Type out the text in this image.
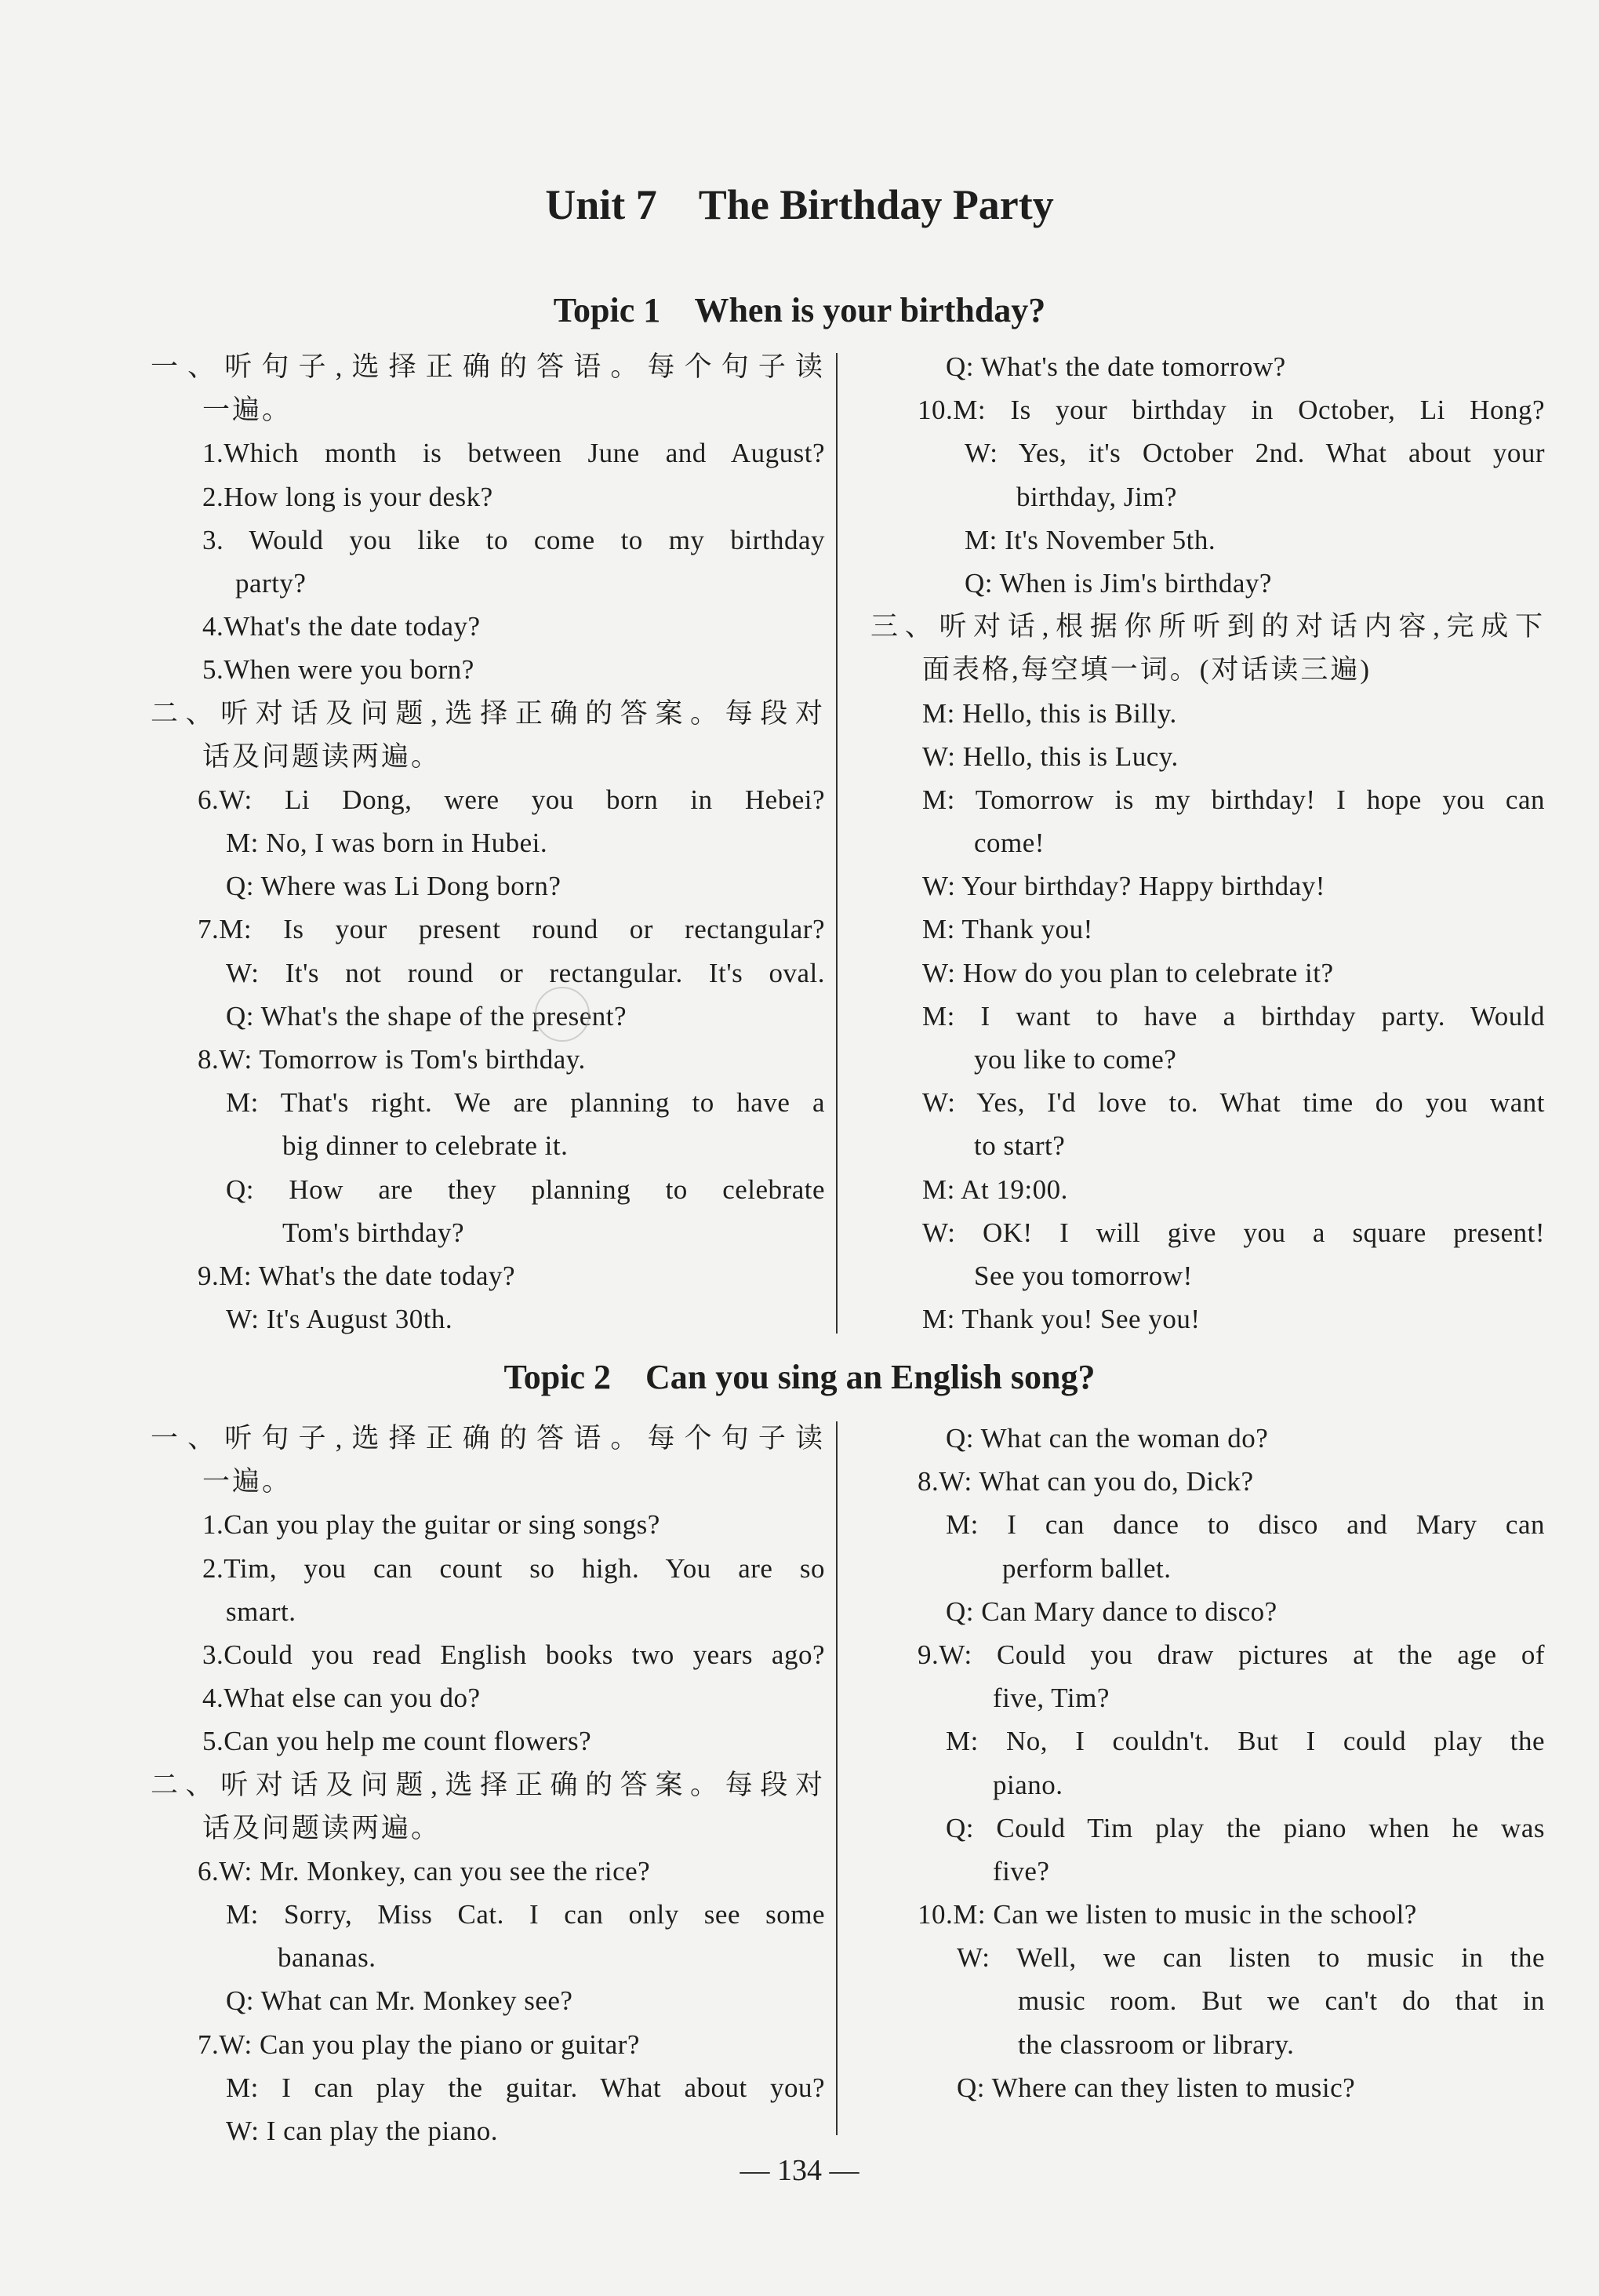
Unit 7    The Birthday Party
Topic 1    When is your birthday?
一、听句子,选择正确的答语。每个句子读
一遍。
1.Which month is between June and August?
2.How long is your desk?
3. Would you like to come to my birthday
party?
4.What's the date today?
5.When were you born?
二、听对话及问题,选择正确的答案。每段对
话及问题读两遍。
6.W: Li Dong, were you born in Hebei?
M: No, I was born in Hubei.
Q: Where was Li Dong born?
7.M: Is your present round or rectangular?
W: It's not round or rectangular. It's oval.
Q: What's the shape of the present?
8.W: Tomorrow is Tom's birthday.
M: That's right. We are planning to have a
big dinner to celebrate it.
Q: How are they planning to celebrate
Tom's birthday?
9.M: What's the date today?
W: It's August 30th.
Q: What's the date tomorrow?
10.M: Is your birthday in October, Li Hong?
W: Yes, it's October 2nd. What about your
birthday, Jim?
M: It's November 5th.
Q: When is Jim's birthday?
三、听对话,根据你所听到的对话内容,完成下
面表格,每空填一词。(对话读三遍)
M: Hello, this is Billy.
W: Hello, this is Lucy.
M: Tomorrow is my birthday! I hope you can
come!
W: Your birthday? Happy birthday!
M: Thank you!
W: How do you plan to celebrate it?
M: I want to have a birthday party. Would
you like to come?
W: Yes, I'd love to. What time do you want
to start?
M: At 19:00.
W: OK! I will give you a square present!
See you tomorrow!
M: Thank you! See you!
Topic 2    Can you sing an English song?
一、听句子,选择正确的答语。每个句子读
一遍。
1.Can you play the guitar or sing songs?
2.Tim, you can count so high. You are so
smart.
3.Could you read English books two years ago?
4.What else can you do?
5.Can you help me count flowers?
二、听对话及问题,选择正确的答案。每段对
话及问题读两遍。
6.W: Mr. Monkey, can you see the rice?
M: Sorry, Miss Cat. I can only see some
bananas.
Q: What can Mr. Monkey see?
7.W: Can you play the piano or guitar?
M: I can play the guitar. What about you?
W: I can play the piano.
Q: What can the woman do?
8.W: What can you do, Dick?
M: I can dance to disco and Mary can
perform ballet.
Q: Can Mary dance to disco?
9.W: Could you draw pictures at the age of
five, Tim?
M: No, I couldn't. But I could play the
piano.
Q: Could Tim play the piano when he was
five?
10.M: Can we listen to music in the school?
W: Well, we can listen to music in the
music room. But we can't do that in
the classroom or library.
Q: Where can they listen to music?
— 134 —
